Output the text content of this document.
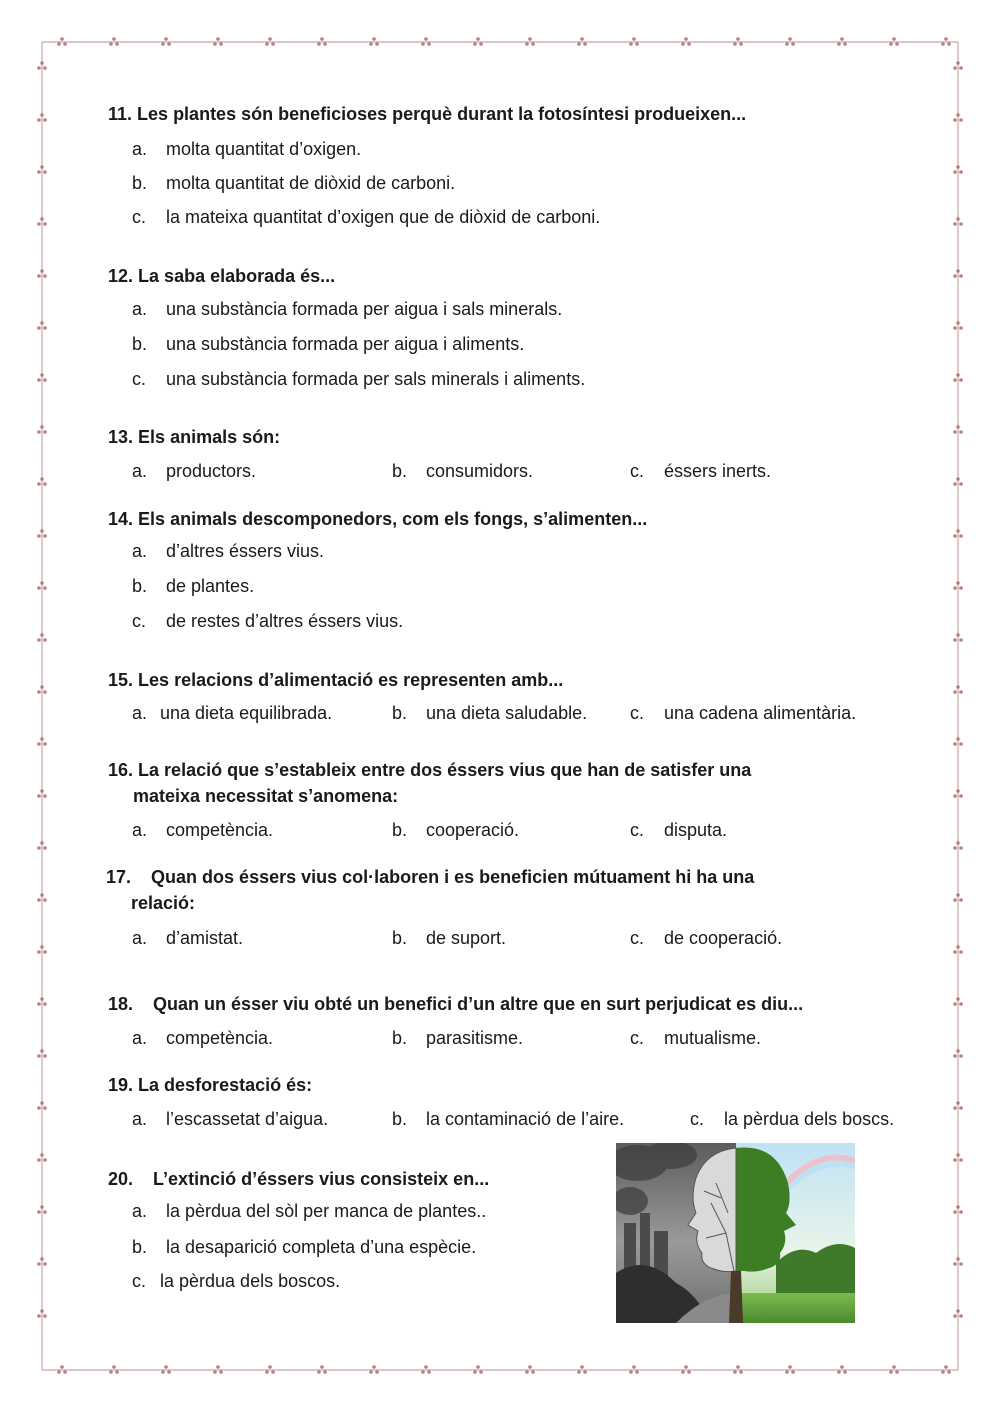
11. Les plantes són beneficioses perquè durant la fotosíntesi produeixen...
a. molta quantitat d’oxigen.
b. molta quantitat de diòxid de carboni.
c. la mateixa quantitat d’oxigen que de diòxid de carboni.
12. La saba elaborada és...
a. una substància formada per aigua i sals minerals.
b. una substància formada per aigua i aliments.
c. una substància formada per sals minerals i aliments.
13. Els animals són:
a. productors.	b. consumidors.	c. éssers inerts.
14. Els animals descomponedors, com els fongs, s’alimenten...
a. d’altres éssers vius.
b. de plantes.
c. de restes d’altres éssers vius.
15. Les relacions d’alimentació es representen amb...
a. una dieta equilibrada.	b. una dieta saludable. c. una cadena alimentària.
16. La relació que s’estableix entre dos éssers vius que han de satisfer una
mateixa necessitat s’anomena:
a. competència.	b. cooperació.	c. disputa.
17. Quan dos éssers vius col·laboren i es beneficien mútuament hi ha una
relació:
a. d’amistat.	b. de suport.	c. de cooperació.
18. Quan un ésser viu obté un benefici d’un altre que en surt perjudicat es diu...
a. competència.	b. parasitisme.	c. mutualisme.
19. La desforestació és:
a. l’escassetat d’aigua.	b. la contaminació de l’aire.	c. la pèrdua dels boscs.
20. L’extinció d’éssers vius consisteix en...
a. la pèrdua del sòl per manca de plantes..
b. la desaparició completa d’una espècie.
c. la pèrdua dels boscos.
